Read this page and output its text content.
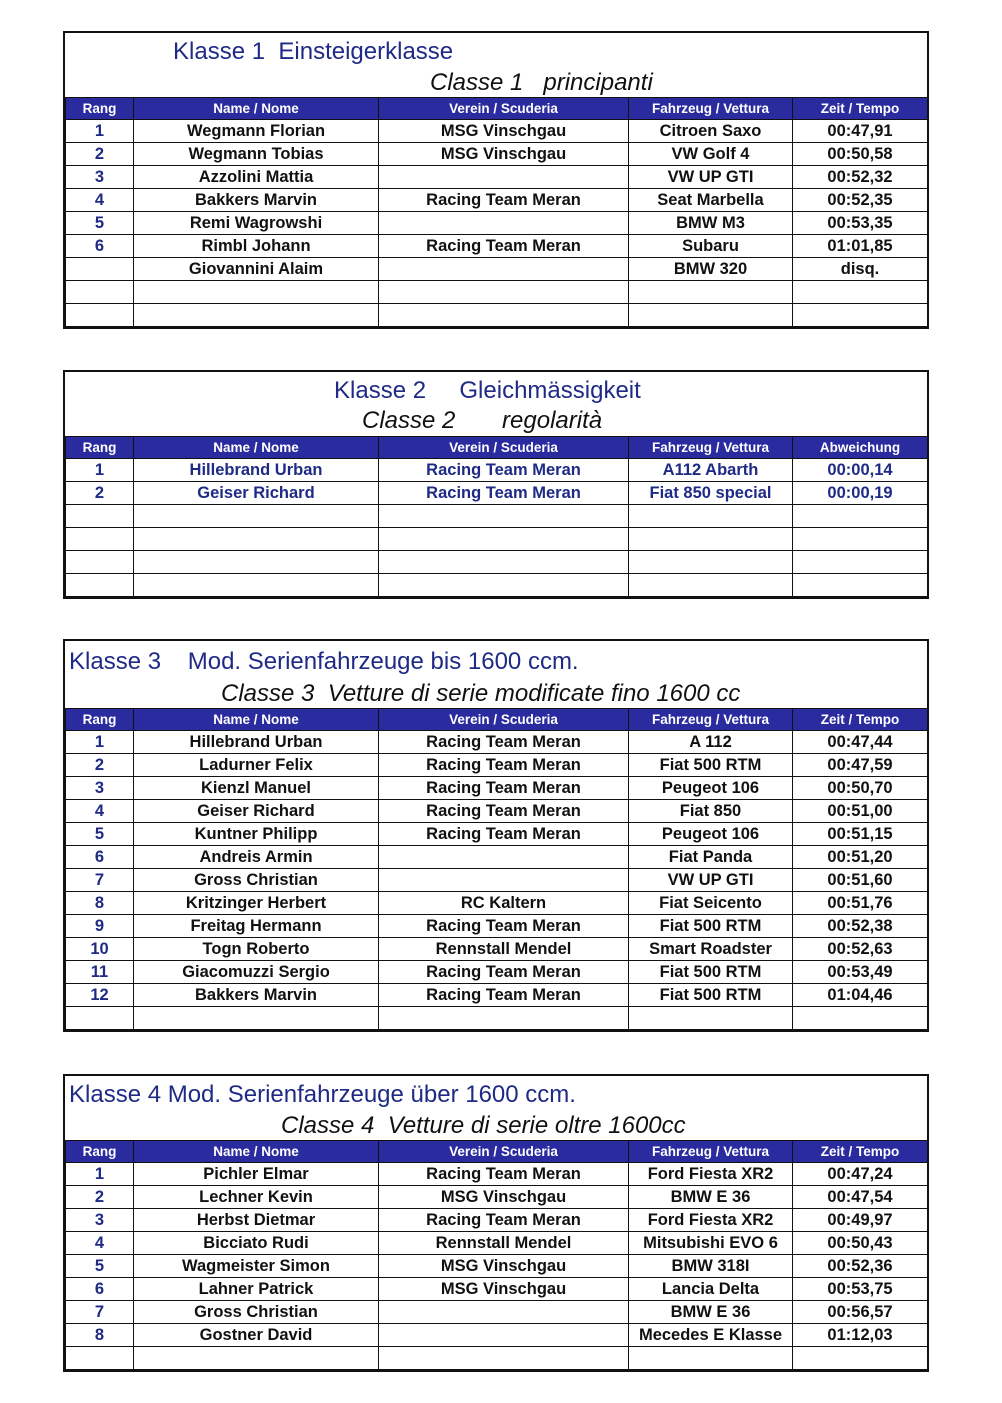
Klasse 1  Einsteigerklasse
Classe 1   principanti
Rang	Name / Nome	Verein / Scuderia	Fahrzeug / Vettura	Zeit / Tempo
1	Wegmann Florian	MSG Vinschgau	Citroen Saxo	00:47,91
2	Wegmann Tobias	MSG Vinschgau	VW Golf 4	00:50,58
3	Azzolini Mattia		VW UP GTI	00:52,32
4	Bakkers Marvin	Racing Team Meran	Seat Marbella	00:52,35
5	Remi Wagrowshi		BMW M3	00:53,35
6	Rimbl Johann	Racing Team Meran	Subaru	01:01,85
	Giovannini Alaim		BMW 320	disq.

Klasse 2     Gleichmässigkeit
Classe 2       regolarità
Rang	Name / Nome	Verein / Scuderia	Fahrzeug / Vettura	Abweichung
1	Hillebrand Urban	Racing Team Meran	A112 Abarth	00:00,14
2	Geiser Richard	Racing Team Meran	Fiat 850 special	00:00,19

Klasse 3    Mod. Serienfahrzeuge bis 1600 ccm.
Classe 3  Vetture di serie modificate fino 1600 cc
Rang	Name / Nome	Verein / Scuderia	Fahrzeug / Vettura	Zeit / Tempo
1	Hillebrand Urban	Racing Team Meran	A 112	00:47,44
2	Ladurner Felix	Racing Team Meran	Fiat 500 RTM	00:47,59
3	Kienzl Manuel	Racing Team Meran	Peugeot 106	00:50,70
4	Geiser Richard	Racing Team Meran	Fiat 850	00:51,00
5	Kuntner Philipp	Racing Team Meran	Peugeot 106	00:51,15
6	Andreis Armin		Fiat Panda	00:51,20
7	Gross Christian		VW UP GTI	00:51,60
8	Kritzinger Herbert	RC Kaltern	Fiat Seicento	00:51,76
9	Freitag Hermann	Racing Team Meran	Fiat 500 RTM	00:52,38
10	Togn Roberto	Rennstall Mendel	Smart Roadster	00:52,63
11	Giacomuzzi Sergio	Racing Team Meran	Fiat 500 RTM	00:53,49
12	Bakkers Marvin	Racing Team Meran	Fiat 500 RTM	01:04,46

Klasse 4 Mod. Serienfahrzeuge über 1600 ccm.
Classe 4  Vetture di serie oltre 1600cc
Rang	Name / Nome	Verein / Scuderia	Fahrzeug / Vettura	Zeit / Tempo
1	Pichler Elmar	Racing Team Meran	Ford Fiesta XR2	00:47,24
2	Lechner Kevin	MSG Vinschgau	BMW E 36	00:47,54
3	Herbst Dietmar	Racing Team Meran	Ford Fiesta XR2	00:49,97
4	Bicciato Rudi	Rennstall Mendel	Mitsubishi EVO 6	00:50,43
5	Wagmeister Simon	MSG Vinschgau	BMW 318I	00:52,36
6	Lahner Patrick	MSG Vinschgau	Lancia Delta	00:53,75
7	Gross Christian		BMW E 36	00:56,57
8	Gostner David		Mecedes E Klasse	01:12,03
